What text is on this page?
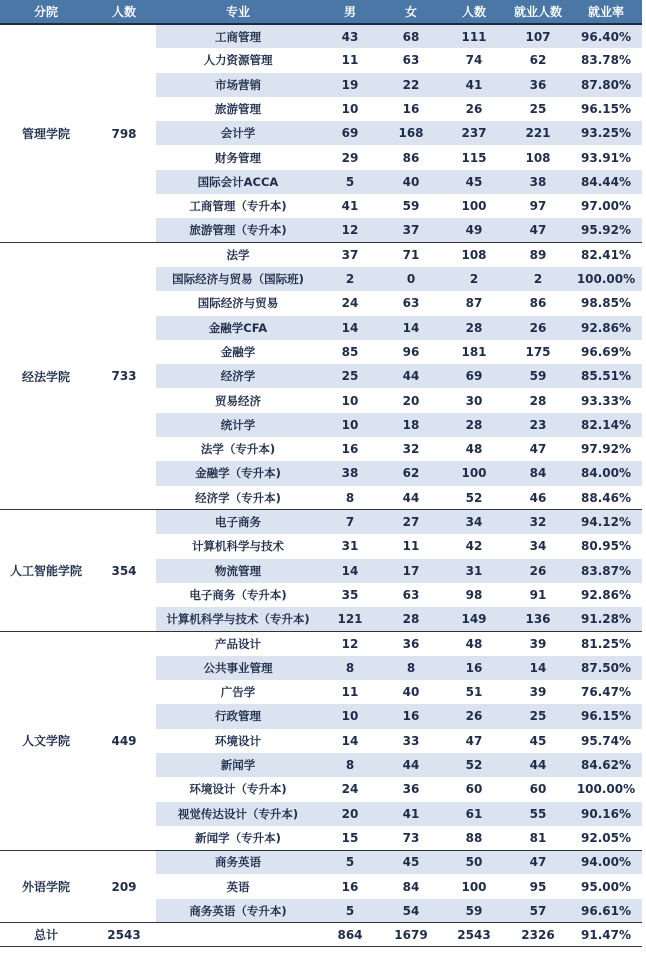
分院	人数	专业	男	女	人数	就业人数	就业率
管理学院	798	工商管理	43	68	111	107	96.40%
		人力资源管理	11	63	74	62	83.78%
		市场营销	19	22	41	36	87.80%
		旅游管理	10	16	26	25	96.15%
		会计学	69	168	237	221	93.25%
		财务管理	29	86	115	108	93.91%
		国际会计ACCA	5	40	45	38	84.44%
		工商管理（专升本)	41	59	100	97	97.00%
		旅游管理（专升本)	12	37	49	47	95.92%
经法学院	733	法学	37	71	108	89	82.41%
		国际经济与贸易（国际班)	2	0	2	2	100.00%
		国际经济与贸易	24	63	87	86	98.85%
		金融学CFA	14	14	28	26	92.86%
		金融学	85	96	181	175	96.69%
		经济学	25	44	69	59	85.51%
		贸易经济	10	20	30	28	93.33%
		统计学	10	18	28	23	82.14%
		法学（专升本)	16	32	48	47	97.92%
		金融学（专升本)	38	62	100	84	84.00%
		经济学（专升本)	8	44	52	46	88.46%
人工智能学院	354	电子商务	7	27	34	32	94.12%
		计算机科学与技术	31	11	42	34	80.95%
		物流管理	14	17	31	26	83.87%
		电子商务（专升本)	35	63	98	91	92.86%
		计算机科学与技术（专升本)	121	28	149	136	91.28%
人文学院	449	产品设计	12	36	48	39	81.25%
		公共事业管理	8	8	16	14	87.50%
		广告学	11	40	51	39	76.47%
		行政管理	10	16	26	25	96.15%
		环境设计	14	33	47	45	95.74%
		新闻学	8	44	52	44	84.62%
		环境设计（专升本)	24	36	60	60	100.00%
		视觉传达设计（专升本)	20	41	61	55	90.16%
		新闻学（专升本)	15	73	88	81	92.05%
外语学院	209	商务英语	5	45	50	47	94.00%
		英语	16	84	100	95	95.00%
		商务英语（专升本)	5	54	59	57	96.61%
总计	2543		864	1679	2543	2326	91.47%
